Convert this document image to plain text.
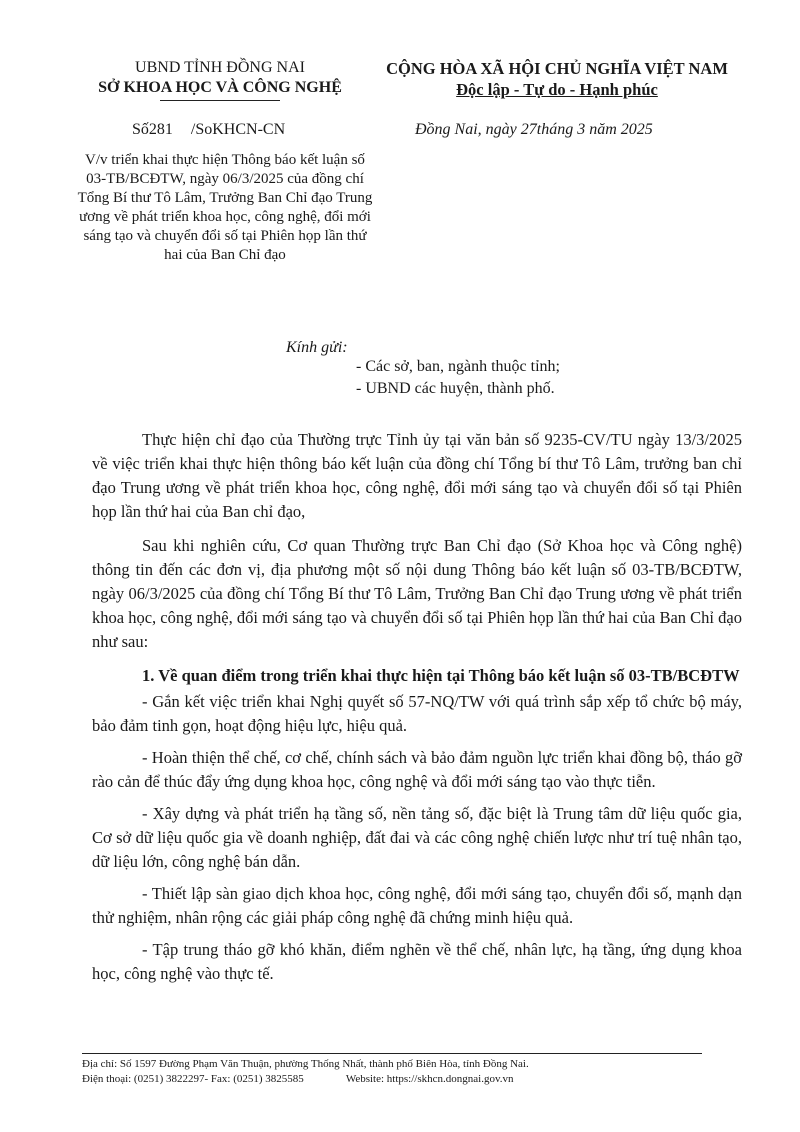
UBND TỈNH ĐỒNG NAI
SỞ KHOA HỌC VÀ CÔNG NGHỆ
CỘNG HÒA XÃ HỘI CHỦ NGHĨA VIỆT NAM
Độc lập - Tự do - Hạnh phúc
Số281 /SoKHCN-CN	Đồng Nai, ngày 27tháng 3 năm 2025
V/v triển khai thực hiện Thông báo kết luận số 03-TB/BCĐTW, ngày 06/3/2025 của đồng chí Tổng Bí thư Tô Lâm, Trưởng Ban Chỉ đạo Trung ương về phát triển khoa học, công nghệ, đổi mới sáng tạo và chuyển đổi số tại Phiên họp lần thứ hai của Ban Chỉ đạo
Kính gửi:
- Các sở, ban, ngành thuộc tỉnh;
- UBND các huyện, thành phố.

Thực hiện chỉ đạo của Thường trực Tỉnh ủy tại văn bản số 9235-CV/TU ngày 13/3/2025 về việc triển khai thực hiện thông báo kết luận của đồng chí Tổng bí thư Tô Lâm, trưởng ban chỉ đạo Trung ương về phát triển khoa học, công nghệ, đổi mới sáng tạo và chuyển đổi số tại Phiên họp lần thứ hai của Ban chỉ đạo,

Sau khi nghiên cứu, Cơ quan Thường trực Ban Chỉ đạo (Sở Khoa học và Công nghệ) thông tin đến các đơn vị, địa phương một số nội dung Thông báo kết luận số 03-TB/BCĐTW, ngày 06/3/2025 của đồng chí Tổng Bí thư Tô Lâm, Trưởng Ban Chỉ đạo Trung ương về phát triển khoa học, công nghệ, đổi mới sáng tạo và chuyển đổi số tại Phiên họp lần thứ hai của Ban Chỉ đạo như sau:

1. Về quan điểm trong triển khai thực hiện tại Thông báo kết luận số 03-TB/BCĐTW

- Gắn kết việc triển khai Nghị quyết số 57-NQ/TW với quá trình sắp xếp tổ chức bộ máy, bảo đảm tinh gọn, hoạt động hiệu lực, hiệu quả.

- Hoàn thiện thể chế, cơ chế, chính sách và bảo đảm nguồn lực triển khai đồng bộ, tháo gỡ rào cản để thúc đẩy ứng dụng khoa học, công nghệ và đổi mới sáng tạo vào thực tiễn.

- Xây dựng và phát triển hạ tầng số, nền tảng số, đặc biệt là Trung tâm dữ liệu quốc gia, Cơ sở dữ liệu quốc gia về doanh nghiệp, đất đai và các công nghệ chiến lược như trí tuệ nhân tạo, dữ liệu lớn, công nghệ bán dẫn.

- Thiết lập sàn giao dịch khoa học, công nghệ, đổi mới sáng tạo, chuyển đổi số, mạnh dạn thử nghiệm, nhân rộng các giải pháp công nghệ đã chứng minh hiệu quả.

- Tập trung tháo gỡ khó khăn, điểm nghẽn về thể chế, nhân lực, hạ tầng, ứng dụng khoa học, công nghệ vào thực tế.

Địa chỉ: Số 1597 Đường Phạm Văn Thuận, phường Thống Nhất, thành phố Biên Hòa, tỉnh Đồng Nai.
Điện thoại: (0251) 3822297- Fax: (0251) 3825585	Website: https://skhcn.dongnai.gov.vn
